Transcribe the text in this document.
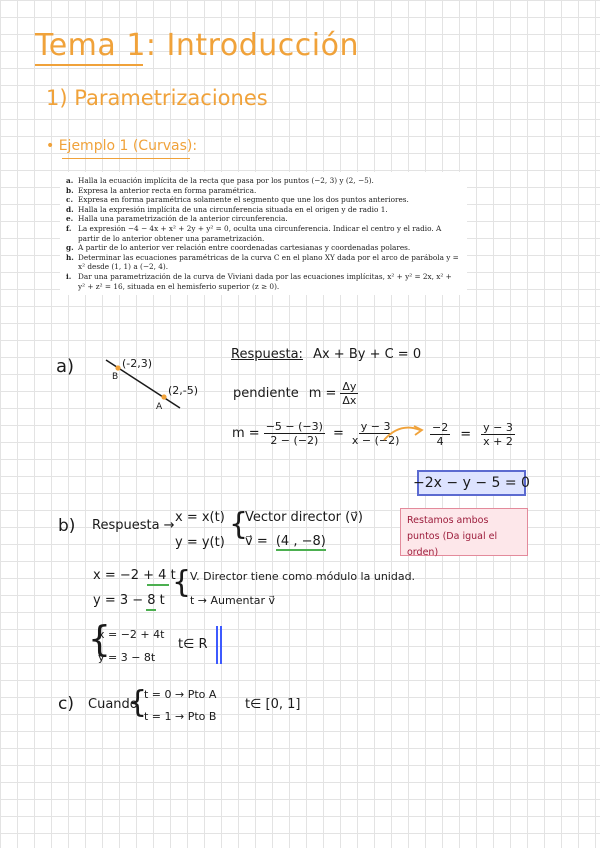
Tema 1: Introducción
1) Parametrizaciones
• Ejemplo 1 (Curvas):
a. Halla la ecuación implícita de la recta que pasa por los puntos (−2, 3) y (2, −5).
b. Expresa la anterior recta en forma paramétrica.
c. Expresa en forma paramétrica solamente el segmento que une los dos puntos anteriores.
d. Halla la expresión implícita de una circunferencia situada en el origen y de radio 1.
e. Halla una parametrización de la anterior circunferencia.
f. La expresión −4 − 4x + x² + 2y + y² = 0, oculta una circunferencia. Indicar el centro y el radio. A partir de lo anterior obtener una parametrización.
g. A partir de lo anterior ver relación entre coordenadas cartesianas y coordenadas polares.
h. Determinar las ecuaciones paramétricas de la curva C en el plano XY dada por el arco de parábola y = x² desde (1, 1) a (−2, 4).
i. Dar una parametrización de la curva de Viviani dada por las ecuaciones implícitas, x² + y² = 2x, x² + y² + z² = 16, situada en el hemisferio superior (z ≥ 0).
a)	(-2,3)
B
(2,-5)
A
Respuesta: Ax + By + C = 0
pendiente $m = \frac{\Delta y}{\Delta x}$
$m = \frac{-5 - (-3)}{2 - (-2)} = \frac{y - 3}{x - (-2)}$	$\frac{-2}{4} = \frac{y - 3}{x + 2}$
−2x − y − 5 = 0
b) Respuesta →
x = x(t)
y = y(t)
{
Vector director (v⃗)
v⃗ = (4 , −8)
Restamos ambos puntos (Da igual el orden)
x = −2 + 4 t
y = 3 − 8 t
{
V. Director tiene como módulo la unidad.
t → Aumentar v⃗
{
x = −2 + 4t
y = 3 − 8t
t∈ R
c) Cuando
{
t = 0 → Pto A
t = 1 → Pto B
t∈ [0, 1]
